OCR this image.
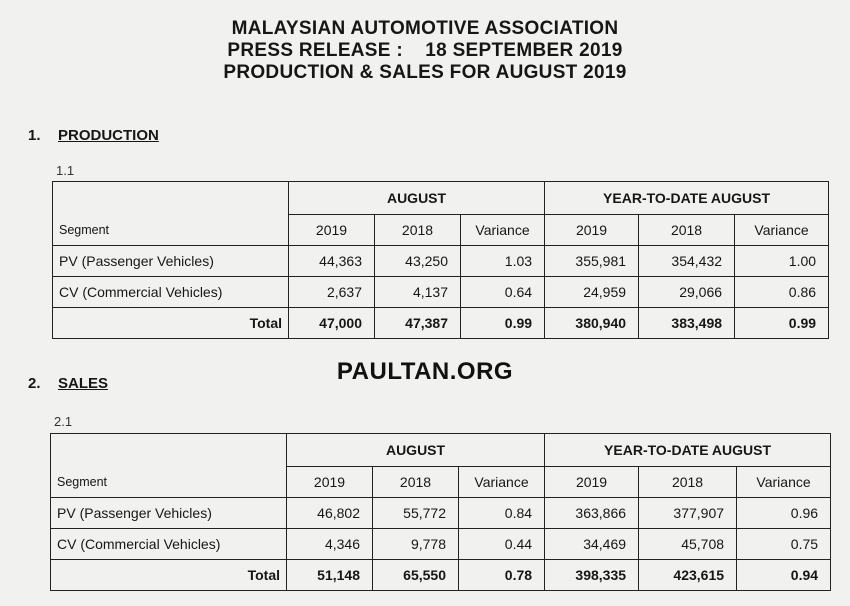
MALAYSIAN AUTOMOTIVE ASSOCIATION
PRESS RELEASE :    18 SEPTEMBER 2019
PRODUCTION & SALES FOR AUGUST 2019
1. PRODUCTION
1.1
	AUGUST			YEAR-TO-DATE AUGUST		
Segment	2019	2018	Variance	2019	2018	Variance
PV (Passenger Vehicles)	44,363	43,250	1.03	355,981	354,432	1.00
CV (Commercial Vehicles)	2,637	4,137	0.64	24,959	29,066	0.86
Total	47,000	47,387	0.99	380,940	383,498	0.99
PAULTAN.ORG
2. SALES
2.1
	AUGUST			YEAR-TO-DATE AUGUST		
Segment	2019	2018	Variance	2019	2018	Variance
PV (Passenger Vehicles)	46,802	55,772	0.84	363,866	377,907	0.96
CV (Commercial Vehicles)	4,346	9,778	0.44	34,469	45,708	0.75
Total	51,148	65,550	0.78	398,335	423,615	0.94
